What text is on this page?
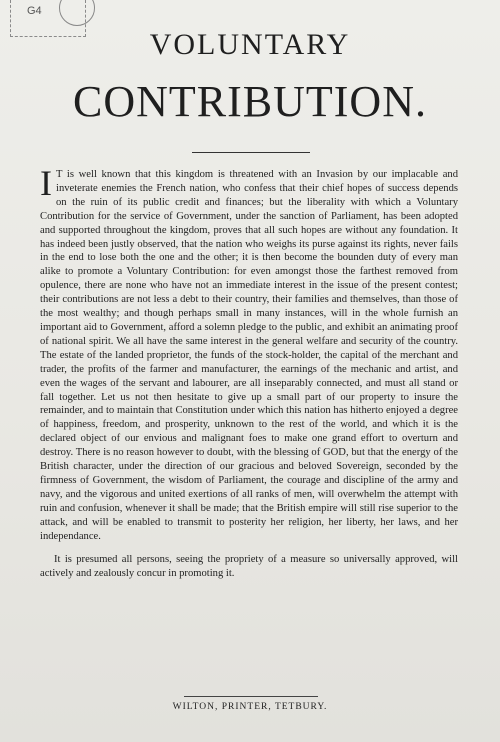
G4
VOLUNTARY
CONTRIBUTION.

I T is well known that this kingdom is threatened with an Invasion by our implacable and inveterate enemies the French nation, who confess that their chief hopes of success depends on the ruin of its public credit and finances; but the liberality with which a Voluntary Contribution for the service of Government, under the sanction of Parliament, has been adopted and supported throughout the kingdom, proves that all such hopes are without any foundation. It has indeed been justly observed, that the nation who weighs its purse against its rights, never fails in the end to lose both the one and the other; it is then become the bounden duty of every man alike to promote a Voluntary Contribution: for even amongst those the farthest removed from opulence, there are none who have not an immediate interest in the issue of the present contest; their contributions are not less a debt to their country, their families and themselves, than those of the most wealthy; and though perhaps small in many instances, will in the whole furnish an important aid to Government, afford a solemn pledge to the public, and exhibit an animating proof of national spirit. We all have the same interest in the general welfare and security of the country. The estate of the landed proprietor, the funds of the stock-holder, the capital of the merchant and trader, the profits of the farmer and manufacturer, the earnings of the mechanic and artist, and even the wages of the servant and labourer, are all inseparably connected, and must all stand or fall together. Let us not then hesitate to give up a small part of our property to insure the remainder, and to maintain that Constitution under which this nation has hitherto enjoyed a degree of happiness, freedom, and prosperity, unknown to the rest of the world, and which it is the declared object of our envious and malignant foes to make one grand effort to overturn and destroy. There is no reason however to doubt, with the blessing of GOD, but that the energy of the British character, under the direction of our gracious and beloved Sovereign, seconded by the firmness of Government, the wisdom of Parliament, the courage and discipline of the army and navy, and the vigorous and united exertions of all ranks of men, will overwhelm the attempt with ruin and confusion, whenever it shall be made; that the British empire will still rise superior to the attack, and will be enabled to transmit to posterity her religion, her liberty, her laws, and her independance.

It is presumed all persons, seeing the propriety of a measure so universally approved, will actively and zealously concur in promoting it.

WILTON, PRINTER, TETBURY.
